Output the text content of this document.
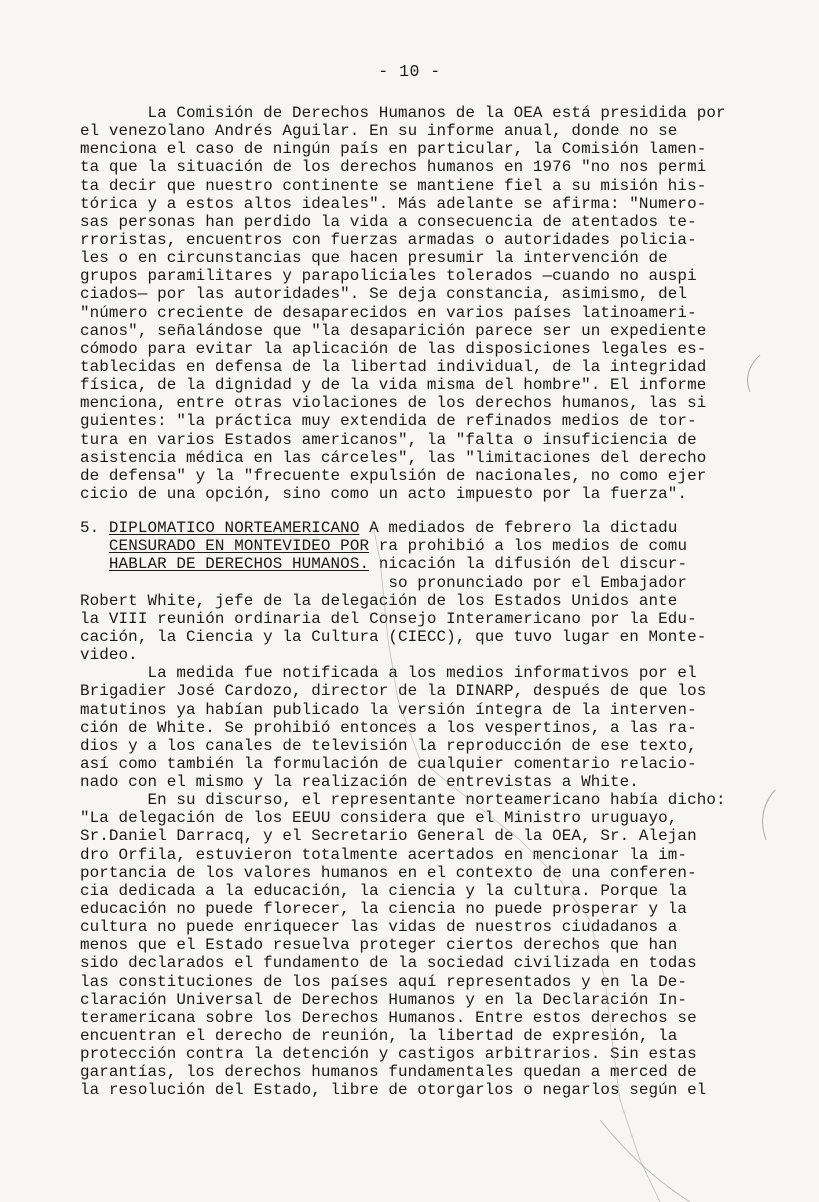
- 10 -
La Comisión de Derechos Humanos de la OEA está presidida por
el venezolano Andrés Aguilar. En su informe anual, donde no se
menciona el caso de ningún país en particular, la Comisión lamen-
ta que la situación de los derechos humanos en 1976 "no nos permi
ta decir que nuestro continente se mantiene fiel a su misión his-
tórica y a estos altos ideales". Más adelante se afirma: "Numero-
sas personas han perdido la vida a consecuencia de atentados te-
rroristas, encuentros con fuerzas armadas o autoridades policia-
les o en circunstancias que hacen presumir la intervención de
grupos paramilitares y parapoliciales tolerados —cuando no auspi
ciados— por las autoridades". Se deja constancia, asimismo, del
"número creciente de desaparecidos en varios países latinoameri-
canos", señalándose que "la desaparición parece ser un expediente
cómodo para evitar la aplicación de las disposiciones legales es-
tablecidas en defensa de la libertad individual, de la integridad
física, de la dignidad y de la vida misma del hombre". El informe
menciona, entre otras violaciones de los derechos humanos, las si
guientes: "la práctica muy extendida de refinados medios de tor-
tura en varios Estados americanos", la "falta o insuficiencia de
asistencia médica en las cárceles", las "limitaciones del derecho
de defensa" y la "frecuente expulsión de nacionales, no como ejer
cicio de una opción, sino como un acto impuesto por la fuerza".
5. DIPLOMATICO NORTEAMERICANO A mediados de febrero la dictadu
CENSURADO EN MONTEVIDEO POR ra prohibió a los medios de comu
HABLAR DE DERECHOS HUMANOS. nicación la difusión del discur-
so pronunciado por el Embajador
Robert White, jefe de la delegación de los Estados Unidos ante
la VIII reunión ordinaria del Consejo Interamericano por la Edu-
cación, la Ciencia y la Cultura (CIECC), que tuvo lugar en Monte-
video.
La medida fue notificada a los medios informativos por el
Brigadier José Cardozo, director de la DINARP, después de que los
matutinos ya habían publicado la versión íntegra de la interven-
ción de White. Se prohibió entonces a los vespertinos, a las ra-
dios y a los canales de televisión la reproducción de ese texto,
así como también la formulación de cualquier comentario relacio-
nado con el mismo y la realización de entrevistas a White.
En su discurso, el representante norteamericano había dicho:
"La delegación de los EEUU considera que el Ministro uruguayo,
Sr.Daniel Darracq, y el Secretario General de la OEA, Sr. Alejan
dro Orfila, estuvieron totalmente acertados en mencionar la im-
portancia de los valores humanos en el contexto de una conferen-
cia dedicada a la educación, la ciencia y la cultura. Porque la
educación no puede florecer, la ciencia no puede prosperar y la
cultura no puede enriquecer las vidas de nuestros ciudadanos a
menos que el Estado resuelva proteger ciertos derechos que han
sido declarados el fundamento de la sociedad civilizada en todas
las constituciones de los países aquí representados y en la De-
claración Universal de Derechos Humanos y en la Declaración In-
teramericana sobre los Derechos Humanos. Entre estos derechos se
encuentran el derecho de reunión, la libertad de expresión, la
protección contra la detención y castigos arbitrarios. Sin estas
garantías, los derechos humanos fundamentales quedan a merced de
la resolución del Estado, libre de otorgarlos o negarlos según el
